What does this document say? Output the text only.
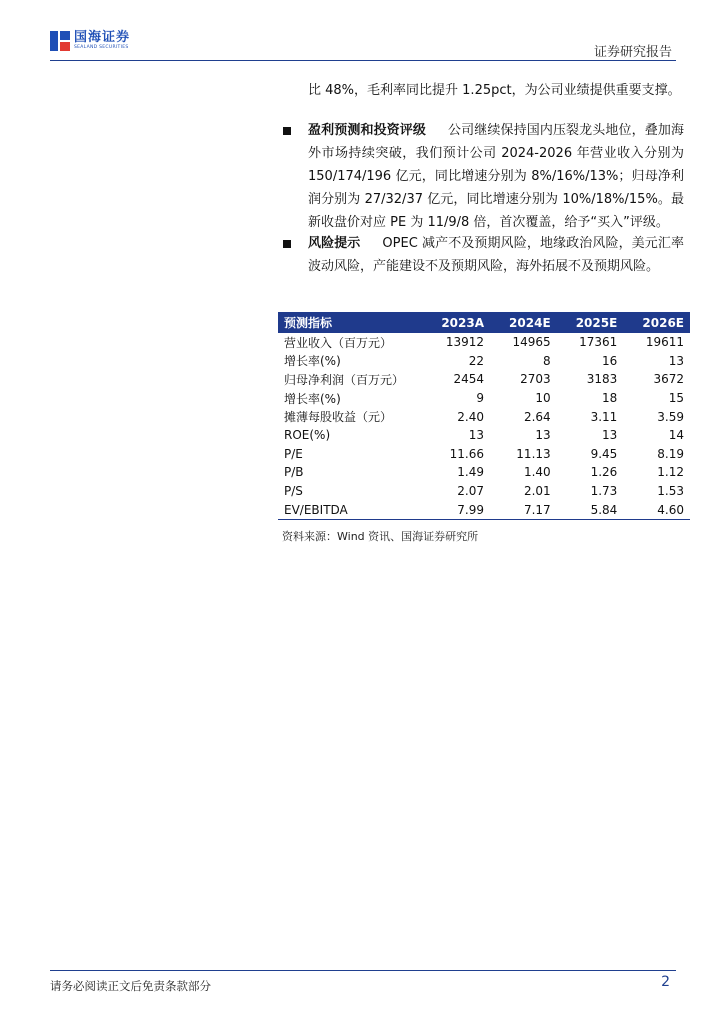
国海证券
SEALAND SECURITIES	证券研究报告
比 48%，毛利率同比提升 1.25pct，为公司业绩提供重要支撑。
盈利预测和投资评级 公司继续保持国内压裂龙头地位，叠加海外市场持续突破，我们预计公司 2024-2026 年营业收入分别为 150/174/196 亿元，同比增速分别为 8%/16%/13%；归母净利润分别为 27/32/37 亿元，同比增速分别为 10%/18%/15%。最新收盘价对应 PE 为 11/9/8 倍，首次覆盖，给予“买入”评级。
风险提示 OPEC 减产不及预期风险，地缘政治风险，美元汇率波动风险，产能建设不及预期风险，海外拓展不及预期风险。
预测指标	2023A	2024E	2025E	2026E
营业收入（百万元）	13912	14965	17361	19611
增长率(%)	22	8	16	13
归母净利润（百万元）	2454	2703	3183	3672
增长率(%)	9	10	18	15
摊薄每股收益（元）	2.40	2.64	3.11	3.59
ROE(%)	13	13	13	14
P/E	11.66	11.13	9.45	8.19
P/B	1.49	1.40	1.26	1.12
P/S	2.07	2.01	1.73	1.53
EV/EBITDA	7.99	7.17	5.84	4.60
资料来源：Wind 资讯、国海证券研究所
请务必阅读正文后免责条款部分	2
